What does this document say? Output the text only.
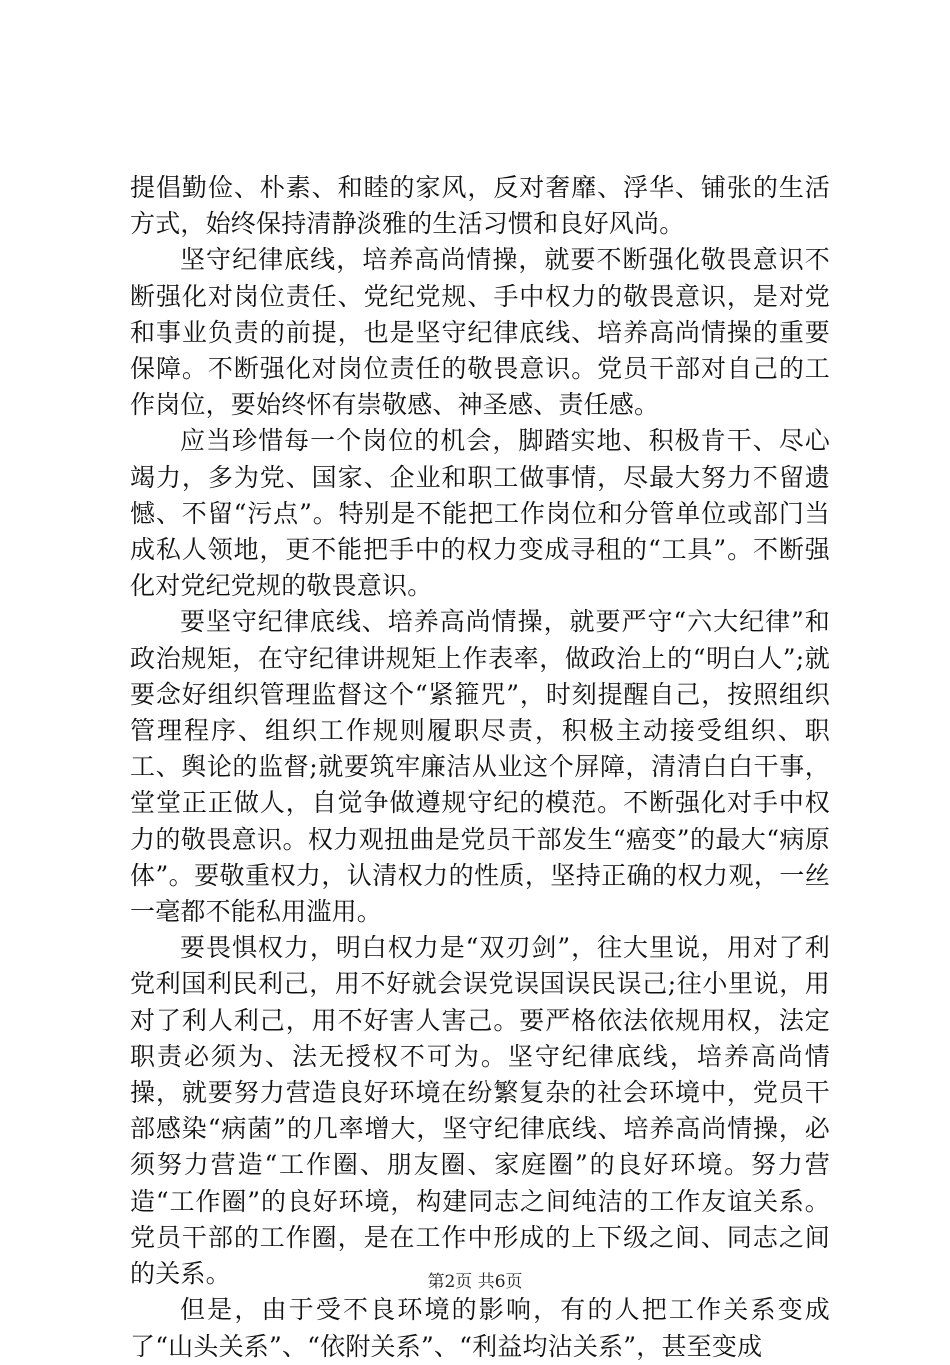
提倡勤俭、朴素、和睦的家风，反对奢靡、浮华、铺张的生活方式，始终保持清静淡雅的生活习惯和良好风尚。

坚守纪律底线，培养高尚情操，就要不断强化敬畏意识不断强化对岗位责任、党纪党规、手中权力的敬畏意识，是对党和事业负责的前提，也是坚守纪律底线、培养高尚情操的重要保障。不断强化对岗位责任的敬畏意识。党员干部对自己的工作岗位，要始终怀有崇敬感、神圣感、责任感。

应当珍惜每一个岗位的机会，脚踏实地、积极肯干、尽心竭力，多为党、国家、企业和职工做事情，尽最大努力不留遗憾、不留“污点”。特别是不能把工作岗位和分管单位或部门当成私人领地，更不能把手中的权力变成寻租的“工具”。不断强化对党纪党规的敬畏意识。

要坚守纪律底线、培养高尚情操，就要严守“六大纪律”和政治规矩，在守纪律讲规矩上作表率，做政治上的“明白人”;就要念好组织管理监督这个“紧箍咒”，时刻提醒自己，按照组织管理程序、组织工作规则履职尽责，积极主动接受组织、职工、舆论的监督;就要筑牢廉洁从业这个屏障，清清白白干事，堂堂正正做人，自觉争做遵规守纪的模范。不断强化对手中权力的敬畏意识。权力观扭曲是党员干部发生“癌变”的最大“病原体”。要敬重权力，认清权力的性质，坚持正确的权力观，一丝一毫都不能私用滥用。

要畏惧权力，明白权力是“双刃剑”，往大里说，用对了利党利国利民利己，用不好就会误党误国误民误己;往小里说，用对了利人利己，用不好害人害己。要严格依法依规用权，法定职责必须为、法无授权不可为。坚守纪律底线，培养高尚情操，就要努力营造良好环境在纷繁复杂的社会环境中，党员干部感染“病菌”的几率增大，坚守纪律底线、培养高尚情操，必须努力营造“工作圈、朋友圈、家庭圈”的良好环境。努力营造“工作圈”的良好环境，构建同志之间纯洁的工作友谊关系。党员干部的工作圈，是在工作中形成的上下级之间、同志之间的关系。

但是，由于受不良环境的影响，有的人把工作关系变成了“山头关系”、“依附关系”、“利益均沾关系”，甚至变成

第2页 共6页
